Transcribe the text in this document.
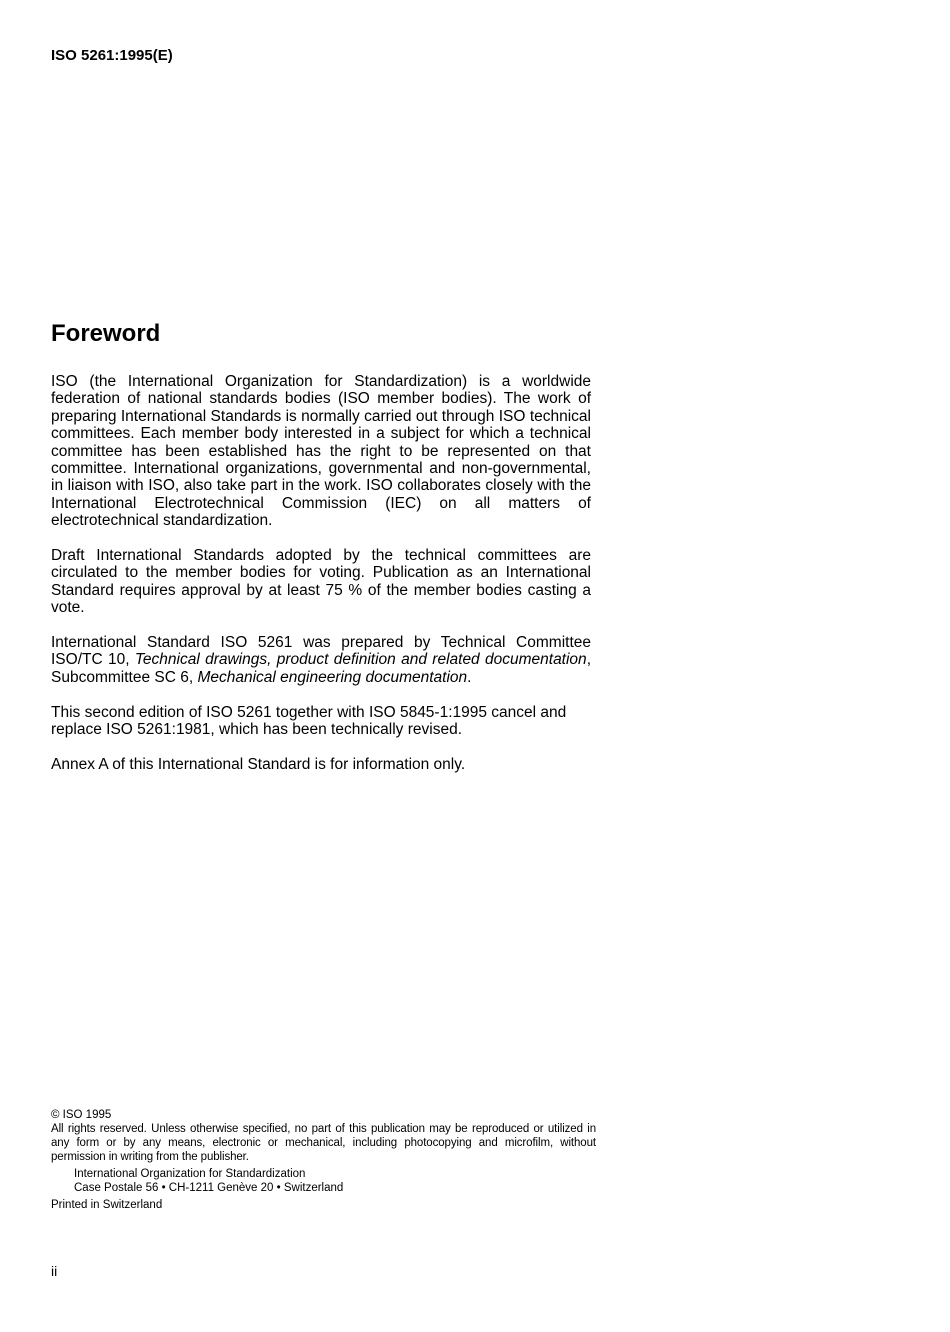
ISO 5261:1995(E)
Foreword

ISO (the International Organization for Standardization) is a worldwide federation of national standards bodies (ISO member bodies). The work of preparing International Standards is normally carried out through ISO technical committees. Each member body interested in a subject for which a technical committee has been established has the right to be represented on that committee. International organizations, governmental and non-governmental, in liaison with ISO, also take part in the work. ISO collaborates closely with the International Electrotechnical Commission (IEC) on all matters of electrotechnical standardization.

Draft International Standards adopted by the technical committees are circulated to the member bodies for voting. Publication as an International Standard requires approval by at least 75 % of the member bodies casting a vote.

International Standard ISO 5261 was prepared by Technical Committee ISO/TC 10, Technical drawings, product definition and related documentation, Subcommittee SC 6, Mechanical engineering documentation.

This second edition of ISO 5261 together with ISO 5845-1:1995 cancel and replace ISO 5261:1981, which has been technically revised.

Annex A of this International Standard is for information only.

© ISO 1995
All rights reserved. Unless otherwise specified, no part of this publication may be reproduced or utilized in any form or by any means, electronic or mechanical, including photocopying and microfilm, without permission in writing from the publisher.
International Organization for Standardization
Case Postale 56 • CH-1211 Genève 20 • Switzerland
Printed in Switzerland
ii
